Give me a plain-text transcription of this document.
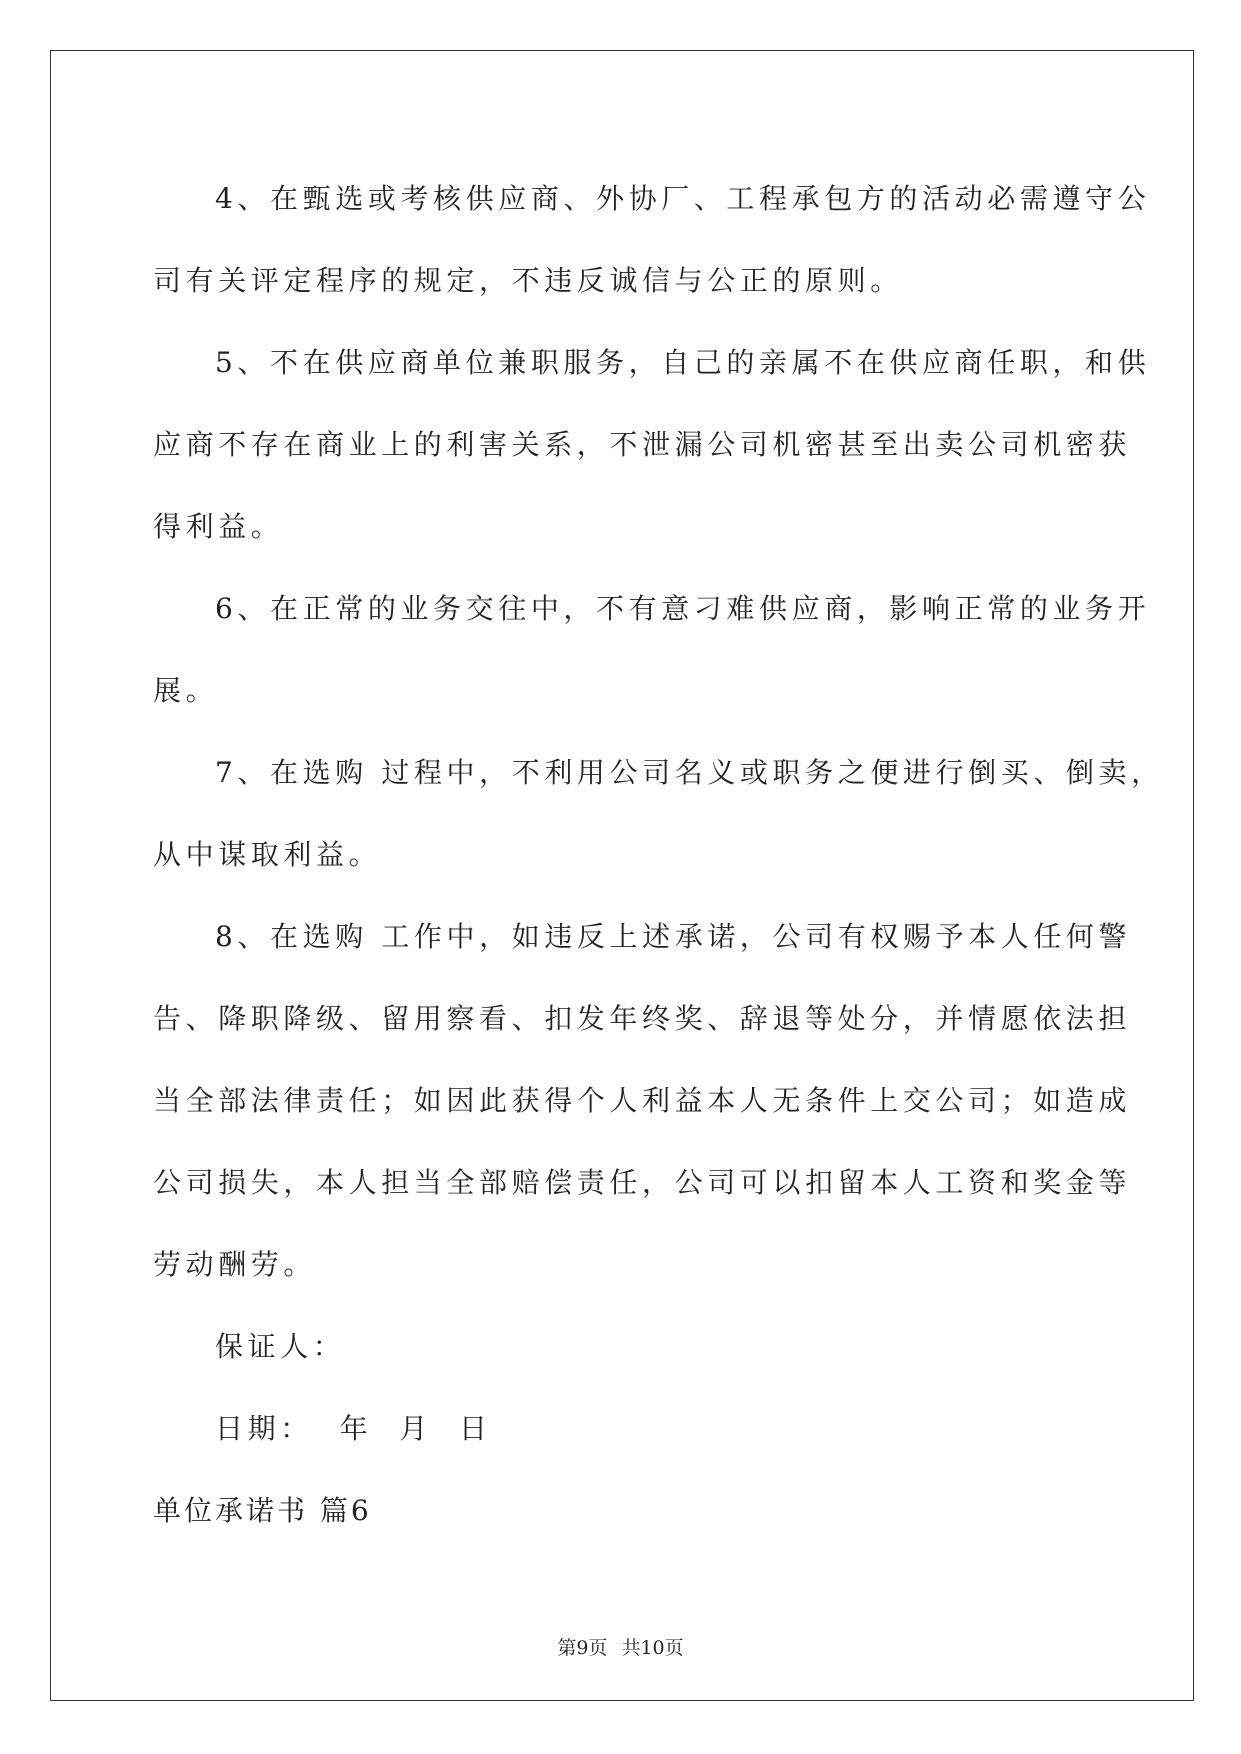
4、在甄选或考核供应商、外协厂、工程承包方的活动必需遵守公
司有关评定程序的规定，不违反诚信与公正的原则。

5、不在供应商单位兼职服务，自己的亲属不在供应商任职，和供
应商不存在商业上的利害关系，不泄漏公司机密甚至出卖公司机密获
得利益。

6、在正常的业务交往中，不有意刁难供应商，影响正常的业务开
展。

7、在选购 过程中，不利用公司名义或职务之便进行倒买、倒卖，
从中谋取利益。

8、在选购 工作中，如违反上述承诺，公司有权赐予本人任何警
告、降职降级、留用察看、扣发年终奖、辞退等处分，并情愿依法担
当全部法律责任；如因此获得个人利益本人无条件上交公司；如造成
公司损失，本人担当全部赔偿责任，公司可以扣留本人工资和奖金等
劳动酬劳。

保证人：

日期：  年  月  日

单位承诺书 篇6

第9页 共10页
